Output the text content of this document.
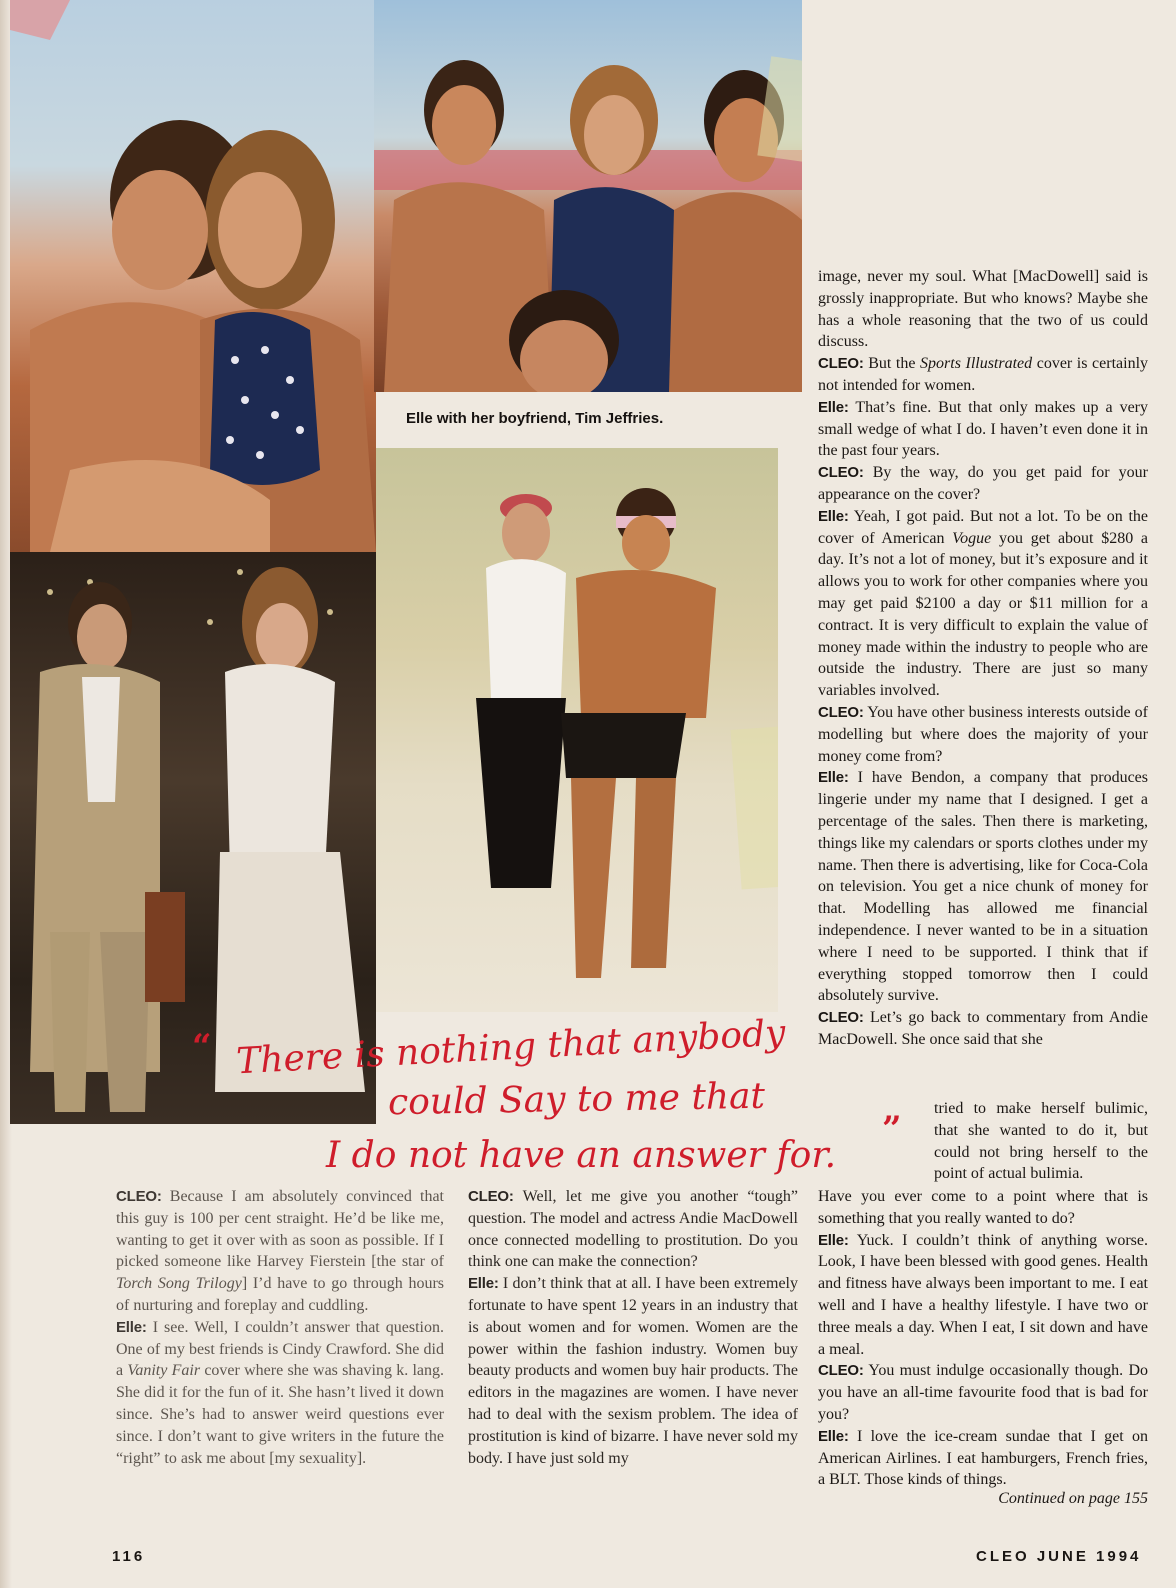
Elle with her boyfriend, Tim Jeffries.
“ There is nothing that anybody
could Say to me that
I do not have an answer for.
”

CLEO: Because I am absolutely convinced that this guy is 100 per cent straight. He’d be like me, wanting to get it over with as soon as possible. If I picked someone like Harvey Fierstein [the star of Torch Song Trilogy] I’d have to go through hours of nurturing and foreplay and cuddling.

Elle: I see. Well, I couldn’t answer that question. One of my best friends is Cindy Crawford. She did a Vanity Fair cover where she was shaving k. lang. She did it for the fun of it. She hasn’t lived it down since. She’s had to answer weird questions ever since. I don’t want to give writers in the future the “right” to ask me about [my sexuality].

CLEO: Well, let me give you another “tough” question. The model and actress Andie MacDowell once connected modelling to prostitution. Do you think one can make the connection?

Elle: I don’t think that at all. I have been extremely fortunate to have spent 12 years in an industry that is about women and for women. Women are the power within the fashion industry. Women buy beauty products and women buy hair products. The editors in the magazines are women. I have never had to deal with the sexism problem. The idea of prostitution is kind of bizarre. I have never sold my body. I have just sold my

image, never my soul. What [MacDowell] said is grossly inappropriate. But who knows? Maybe she has a whole reasoning that the two of us could discuss.

CLEO: But the Sports Illustrated cover is certainly not intended for women.

Elle: That’s fine. But that only makes up a very small wedge of what I do. I haven’t even done it in the past four years.

CLEO: By the way, do you get paid for your appearance on the cover?

Elle: Yeah, I got paid. But not a lot. To be on the cover of American Vogue you get about $280 a day. It’s not a lot of money, but it’s exposure and it allows you to work for other companies where you may get paid $2100 a day or $11 million for a contract. It is very difficult to explain the value of money made within the industry to people who are outside the industry. There are just so many variables involved.

CLEO: You have other business interests outside of modelling but where does the majority of your money come from?

Elle: I have Bendon, a company that produces lingerie under my name that I designed. I get a percentage of the sales. Then there is marketing, things like my calendars or sports clothes under my name. Then there is advertising, like for Coca-Cola on television. You get a nice chunk of money for that. Modelling has allowed me financial independence. I never wanted to be in a situation where I need to be supported. I think that if everything stopped tomorrow then I could absolutely survive.

CLEO: Let’s go back to commentary from Andie MacDowell. She once said that she

tried to make herself bulimic, that she wanted to do it, but could not bring herself to the point of actual bulimia.

Have you ever come to a point where that is something that you really wanted to do?

Elle: Yuck. I couldn’t think of anything worse. Look, I have been blessed with good genes. Health and fitness have always been important to me. I eat well and I have a healthy lifestyle. I have two or three meals a day. When I eat, I sit down and have a meal.

CLEO: You must indulge occasionally though. Do you have an all-time favourite food that is bad for you?

Elle: I love the ice-cream sundae that I get on American Airlines. I eat hamburgers, French fries, a BLT. Those kinds of things.

Continued on page 155
116	CLEO JUNE 1994
